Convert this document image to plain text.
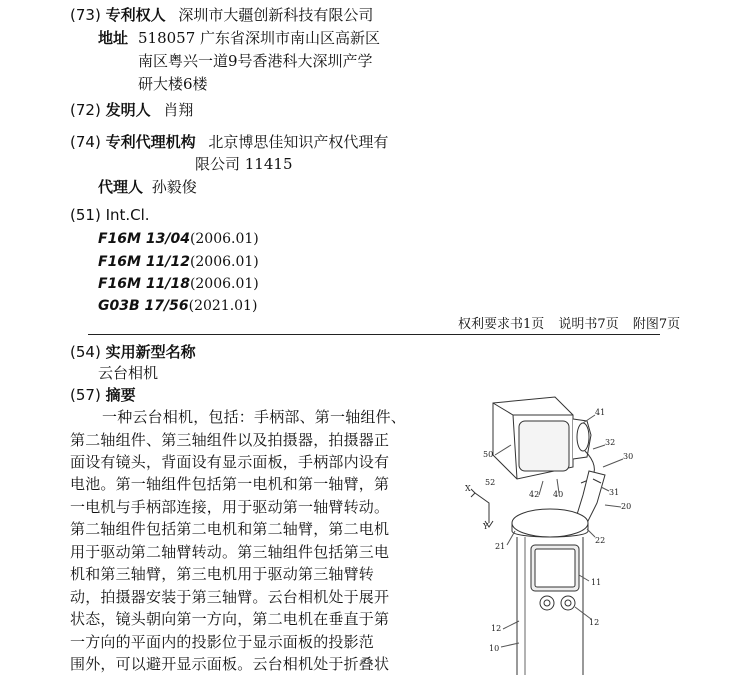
(73) 专利权人 深圳市大疆创新科技有限公司
地址 518057 广东省深圳市南山区高新区
南区粤兴一道9号香港科大深圳产学
研大楼6楼
(72) 发明人 肖翔
(74) 专利代理机构 北京博思佳知识产权代理有
限公司 11415
代理人 孙毅俊
(51) Int.Cl.
F16M 13/04(2006.01)
F16M 11/12(2006.01)
F16M 11/18(2006.01)
G03B 17/56(2021.01)
权利要求书1页 说明书7页 附图7页
(54) 实用新型名称
云台相机
(57) 摘要
一种云台相机，包括：手柄部、第一轴组件、
第二轴组件、第三轴组件以及拍摄器，拍摄器正
面设有镜头，背面设有显示面板，手柄部内设有
电池。第一轴组件包括第一电机和第一轴臂，第
一电机与手柄部连接，用于驱动第一轴臂转动。
第二轴组件包括第二电机和第二轴臂，第二电机
用于驱动第二轴臂转动。第三轴组件包括第三电
机和第三轴臂，第三电机用于驱动第三轴臂转
动，拍摄器安装于第三轴臂。云台相机处于展开
状态，镜头朝向第一方向，第二电机在垂直于第
一方向的平面内的投影位于显示面板的投影范
围外，可以避开显示面板。云台相机处于折叠状
41
32
30
50
X
52
42 40	31
20
Y
21
22
11
12
12
10
